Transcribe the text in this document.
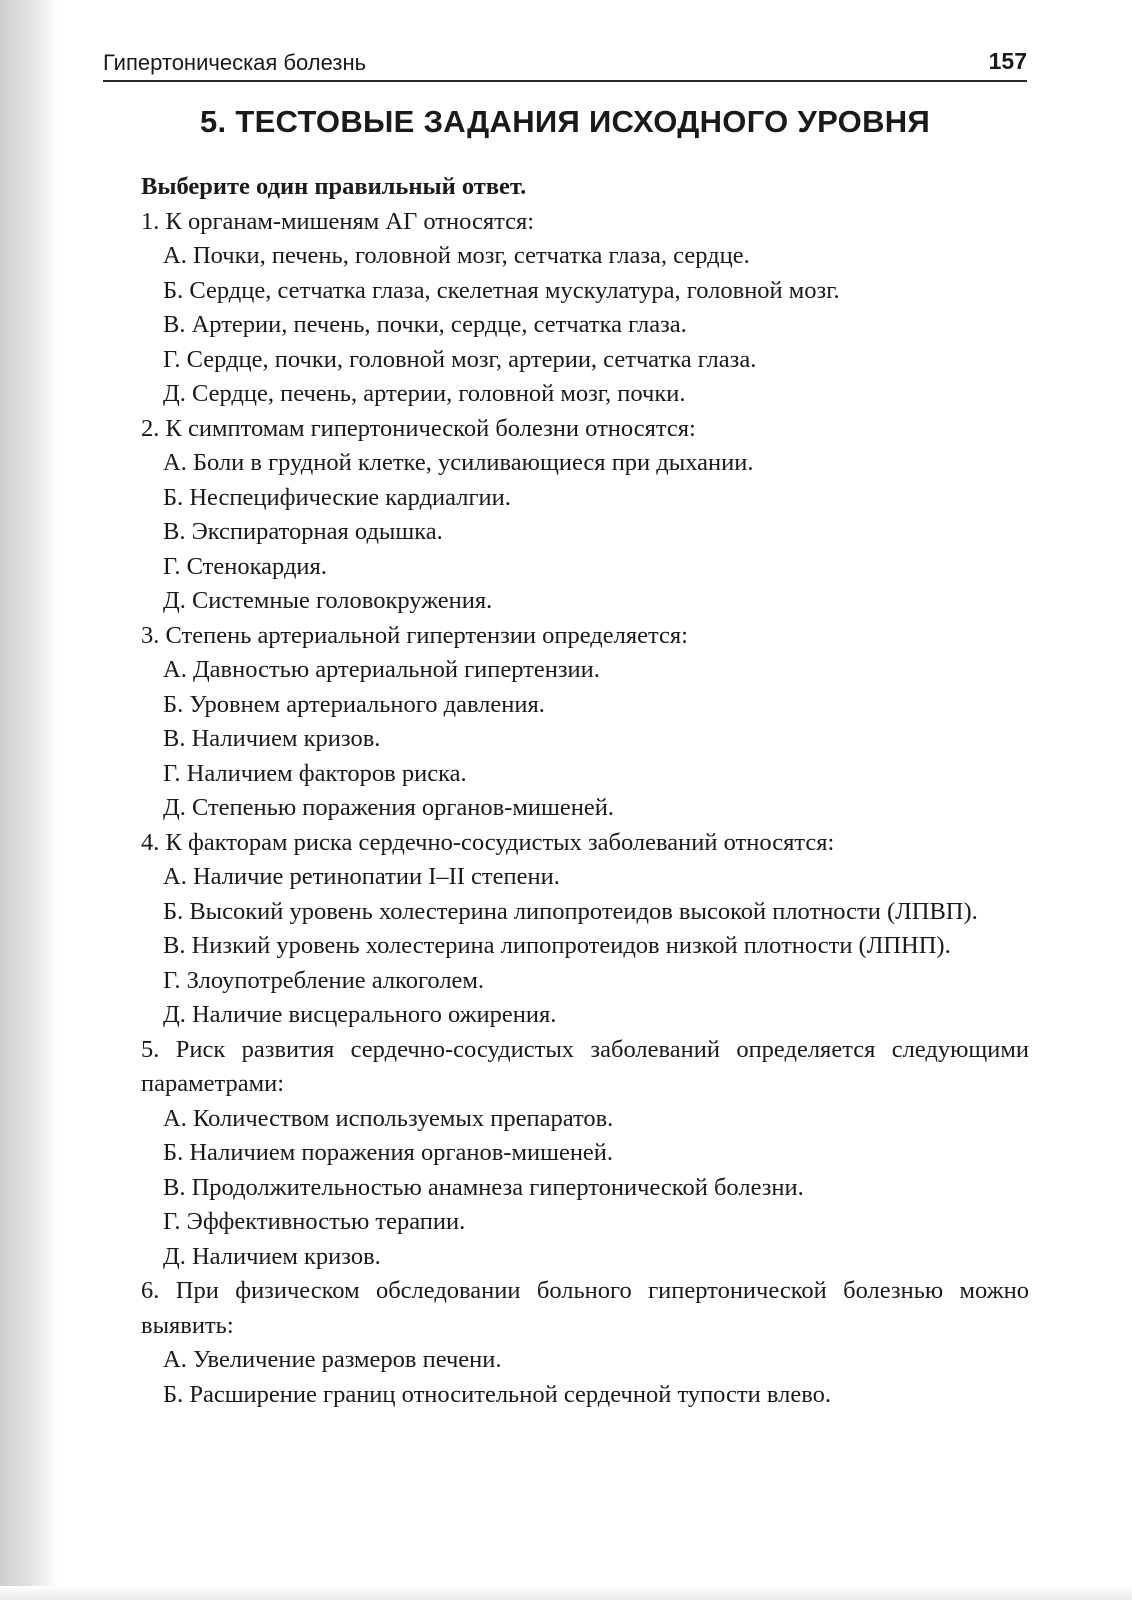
Гипертоническая болезнь	157
5. ТЕСТОВЫЕ ЗАДАНИЯ ИСХОДНОГО УРОВНЯ
Выберите один правильный ответ.
1. К органам-мишеням АГ относятся:
А. Почки, печень, головной мозг, сетчатка глаза, сердце.
Б. Сердце, сетчатка глаза, скелетная мускулатура, головной мозг.
В. Артерии, печень, почки, сердце, сетчатка глаза.
Г. Сердце, почки, головной мозг, артерии, сетчатка глаза.
Д. Сердце, печень, артерии, головной мозг, почки.
2. К симптомам гипертонической болезни относятся:
А. Боли в грудной клетке, усиливающиеся при дыхании.
Б. Неспецифические кардиалгии.
В. Экспираторная одышка.
Г. Стенокардия.
Д. Системные головокружения.
3. Степень артериальной гипертензии определяется:
А. Давностью артериальной гипертензии.
Б. Уровнем артериального давления.
В. Наличием кризов.
Г. Наличием факторов риска.
Д. Степенью поражения органов-мишеней.
4. К факторам риска сердечно-сосудистых заболеваний относятся:
А. Наличие ретинопатии I–II степени.
Б. Высокий уровень холестерина липопротеидов высокой плотности (ЛПВП).
В. Низкий уровень холестерина липопротеидов низкой плотности (ЛПНП).
Г. Злоупотребление алкоголем.
Д. Наличие висцерального ожирения.
5. Риск развития сердечно-сосудистых заболеваний определяется следующими параметрами:
А. Количеством используемых препаратов.
Б. Наличием поражения органов-мишеней.
В. Продолжительностью анамнеза гипертонической болезни.
Г. Эффективностью терапии.
Д. Наличием кризов.
6. При физическом обследовании больного гипертонической болезнью можно выявить:
А. Увеличение размеров печени.
Б. Расширение границ относительной сердечной тупости влево.
